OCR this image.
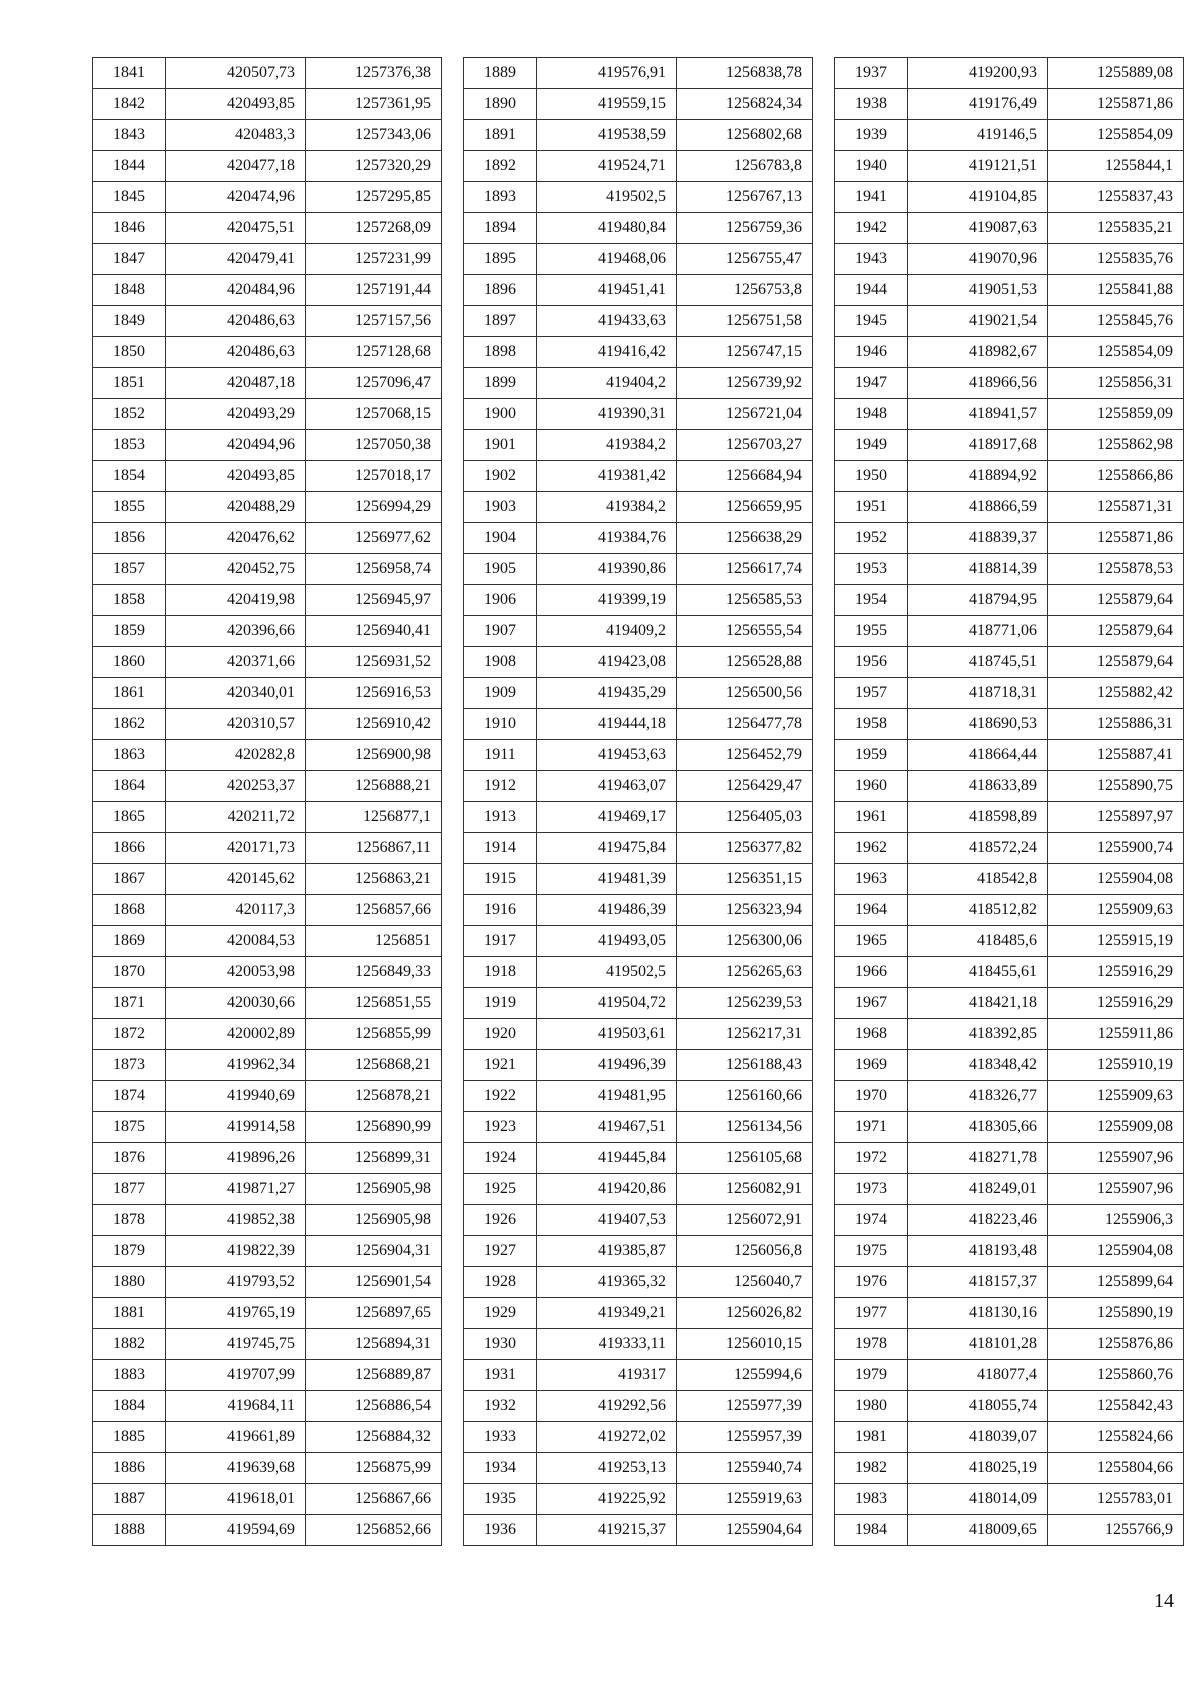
1841	420507,73	1257376,38
1842	420493,85	1257361,95
1843	420483,3	1257343,06
1844	420477,18	1257320,29
1845	420474,96	1257295,85
1846	420475,51	1257268,09
1847	420479,41	1257231,99
1848	420484,96	1257191,44
1849	420486,63	1257157,56
1850	420486,63	1257128,68
1851	420487,18	1257096,47
1852	420493,29	1257068,15
1853	420494,96	1257050,38
1854	420493,85	1257018,17
1855	420488,29	1256994,29
1856	420476,62	1256977,62
1857	420452,75	1256958,74
1858	420419,98	1256945,97
1859	420396,66	1256940,41
1860	420371,66	1256931,52
1861	420340,01	1256916,53
1862	420310,57	1256910,42
1863	420282,8	1256900,98
1864	420253,37	1256888,21
1865	420211,72	1256877,1
1866	420171,73	1256867,11
1867	420145,62	1256863,21
1868	420117,3	1256857,66
1869	420084,53	1256851
1870	420053,98	1256849,33
1871	420030,66	1256851,55
1872	420002,89	1256855,99
1873	419962,34	1256868,21
1874	419940,69	1256878,21
1875	419914,58	1256890,99
1876	419896,26	1256899,31
1877	419871,27	1256905,98
1878	419852,38	1256905,98
1879	419822,39	1256904,31
1880	419793,52	1256901,54
1881	419765,19	1256897,65
1882	419745,75	1256894,31
1883	419707,99	1256889,87
1884	419684,11	1256886,54
1885	419661,89	1256884,32
1886	419639,68	1256875,99
1887	419618,01	1256867,66
1888	419594,69	1256852,66
1889	419576,91	1256838,78
1890	419559,15	1256824,34
1891	419538,59	1256802,68
1892	419524,71	1256783,8
1893	419502,5	1256767,13
1894	419480,84	1256759,36
1895	419468,06	1256755,47
1896	419451,41	1256753,8
1897	419433,63	1256751,58
1898	419416,42	1256747,15
1899	419404,2	1256739,92
1900	419390,31	1256721,04
1901	419384,2	1256703,27
1902	419381,42	1256684,94
1903	419384,2	1256659,95
1904	419384,76	1256638,29
1905	419390,86	1256617,74
1906	419399,19	1256585,53
1907	419409,2	1256555,54
1908	419423,08	1256528,88
1909	419435,29	1256500,56
1910	419444,18	1256477,78
1911	419453,63	1256452,79
1912	419463,07	1256429,47
1913	419469,17	1256405,03
1914	419475,84	1256377,82
1915	419481,39	1256351,15
1916	419486,39	1256323,94
1917	419493,05	1256300,06
1918	419502,5	1256265,63
1919	419504,72	1256239,53
1920	419503,61	1256217,31
1921	419496,39	1256188,43
1922	419481,95	1256160,66
1923	419467,51	1256134,56
1924	419445,84	1256105,68
1925	419420,86	1256082,91
1926	419407,53	1256072,91
1927	419385,87	1256056,8
1928	419365,32	1256040,7
1929	419349,21	1256026,82
1930	419333,11	1256010,15
1931	419317	1255994,6
1932	419292,56	1255977,39
1933	419272,02	1255957,39
1934	419253,13	1255940,74
1935	419225,92	1255919,63
1936	419215,37	1255904,64
1937	419200,93	1255889,08
1938	419176,49	1255871,86
1939	419146,5	1255854,09
1940	419121,51	1255844,1
1941	419104,85	1255837,43
1942	419087,63	1255835,21
1943	419070,96	1255835,76
1944	419051,53	1255841,88
1945	419021,54	1255845,76
1946	418982,67	1255854,09
1947	418966,56	1255856,31
1948	418941,57	1255859,09
1949	418917,68	1255862,98
1950	418894,92	1255866,86
1951	418866,59	1255871,31
1952	418839,37	1255871,86
1953	418814,39	1255878,53
1954	418794,95	1255879,64
1955	418771,06	1255879,64
1956	418745,51	1255879,64
1957	418718,31	1255882,42
1958	418690,53	1255886,31
1959	418664,44	1255887,41
1960	418633,89	1255890,75
1961	418598,89	1255897,97
1962	418572,24	1255900,74
1963	418542,8	1255904,08
1964	418512,82	1255909,63
1965	418485,6	1255915,19
1966	418455,61	1255916,29
1967	418421,18	1255916,29
1968	418392,85	1255911,86
1969	418348,42	1255910,19
1970	418326,77	1255909,63
1971	418305,66	1255909,08
1972	418271,78	1255907,96
1973	418249,01	1255907,96
1974	418223,46	1255906,3
1975	418193,48	1255904,08
1976	418157,37	1255899,64
1977	418130,16	1255890,19
1978	418101,28	1255876,86
1979	418077,4	1255860,76
1980	418055,74	1255842,43
1981	418039,07	1255824,66
1982	418025,19	1255804,66
1983	418014,09	1255783,01
1984	418009,65	1255766,9
14
